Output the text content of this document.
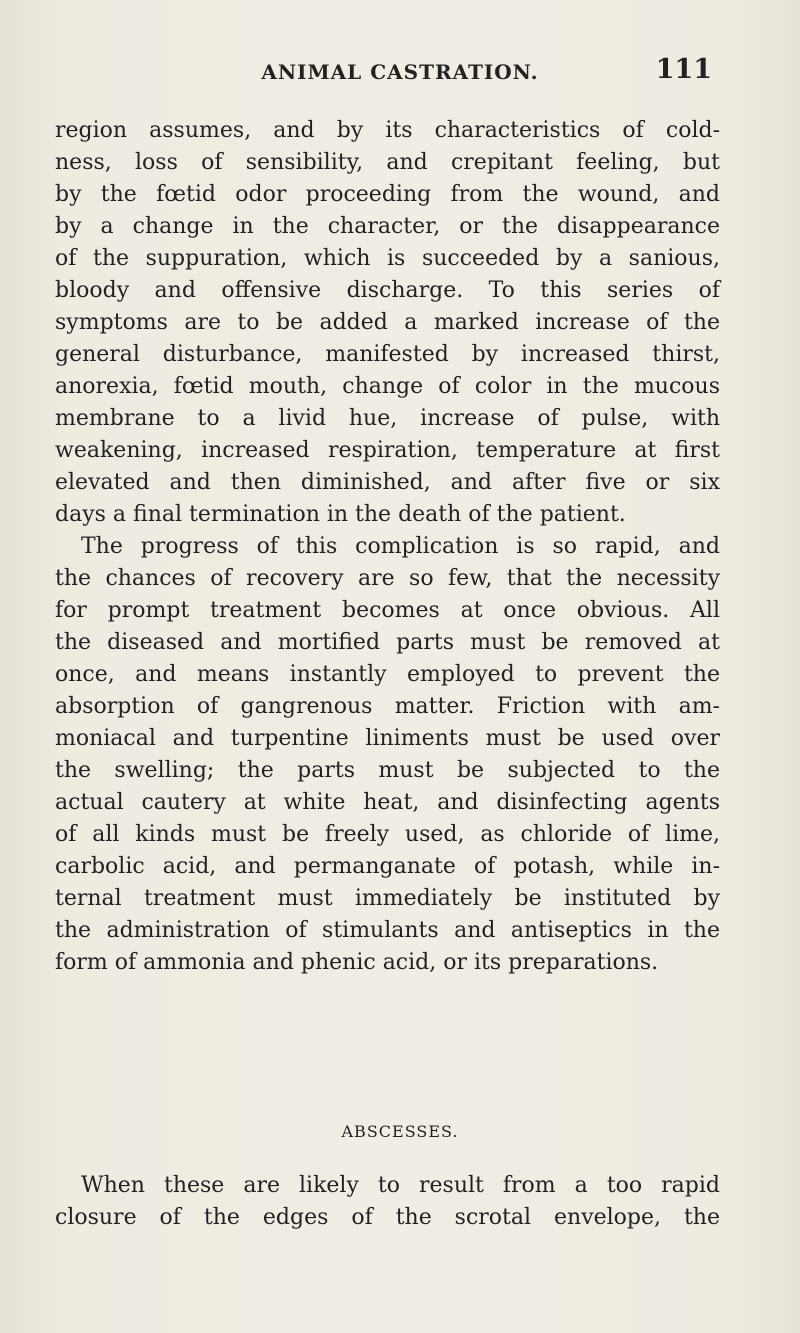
ANIMAL CASTRATION.	111
region assumes, and by its characteristics of cold-
ness, loss of sensibility, and crepitant feeling, but
by the fœtid odor proceeding from the wound, and
by a change in the character, or the disappearance
of the suppuration, which is succeeded by a sanious,
bloody and offensive discharge. To this series of
symptoms are to be added a marked increase of the
general disturbance, manifested by increased thirst,
anorexia, fœtid mouth, change of color in the mucous
membrane to a livid hue, increase of pulse, with
weakening, increased respiration, temperature at first
elevated and then diminished, and after five or six
days a final termination in the death of the patient.
The progress of this complication is so rapid, and
the chances of recovery are so few, that the necessity
for prompt treatment becomes at once obvious. All
the diseased and mortified parts must be removed at
once, and means instantly employed to prevent the
absorption of gangrenous matter. Friction with am-
moniacal and turpentine liniments must be used over
the swelling; the parts must be subjected to the
actual cautery at white heat, and disinfecting agents
of all kinds must be freely used, as chloride of lime,
carbolic acid, and permanganate of potash, while in-
ternal treatment must immediately be instituted by
the administration of stimulants and antiseptics in the
form of ammonia and phenic acid, or its preparations.
ABSCESSES.
When these are likely to result from a too rapid
closure of the edges of the scrotal envelope, the
